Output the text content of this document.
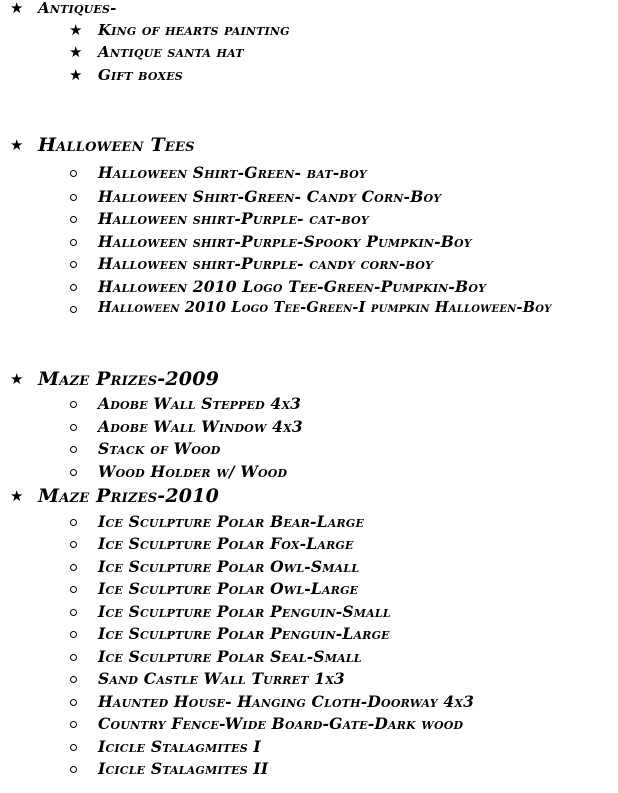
★ Antiques-
★ King of hearts painting
★ Antique santa hat
★ Gift boxes
★ Halloween Tees
Halloween Shirt-Green- bat-boy
Halloween Shirt-Green- Candy Corn-Boy
Halloween shirt-Purple- cat-boy
Halloween shirt-Purple-Spooky Pumpkin-Boy
Halloween shirt-Purple- candy corn-boy
Halloween 2010 Logo Tee-Green-Pumpkin-Boy
Halloween 2010 Logo Tee-Green-I pumpkin Halloween-Boy
★ Maze Prizes-2009
Adobe Wall Stepped 4x3
Adobe Wall Window 4x3
Stack of Wood
Wood Holder w/ Wood
★ Maze Prizes-2010
Ice Sculpture Polar Bear-Large
Ice Sculpture Polar Fox-Large
Ice Sculpture Polar Owl-Small
Ice Sculpture Polar Owl-Large
Ice Sculpture Polar Penguin-Small
Ice Sculpture Polar Penguin-Large
Ice Sculpture Polar Seal-Small
Sand Castle Wall Turret 1x3
Haunted House- Hanging Cloth-Doorway 4x3
Country Fence-Wide Board-Gate-Dark wood
Icicle Stalagmites I
Icicle Stalagmites II
